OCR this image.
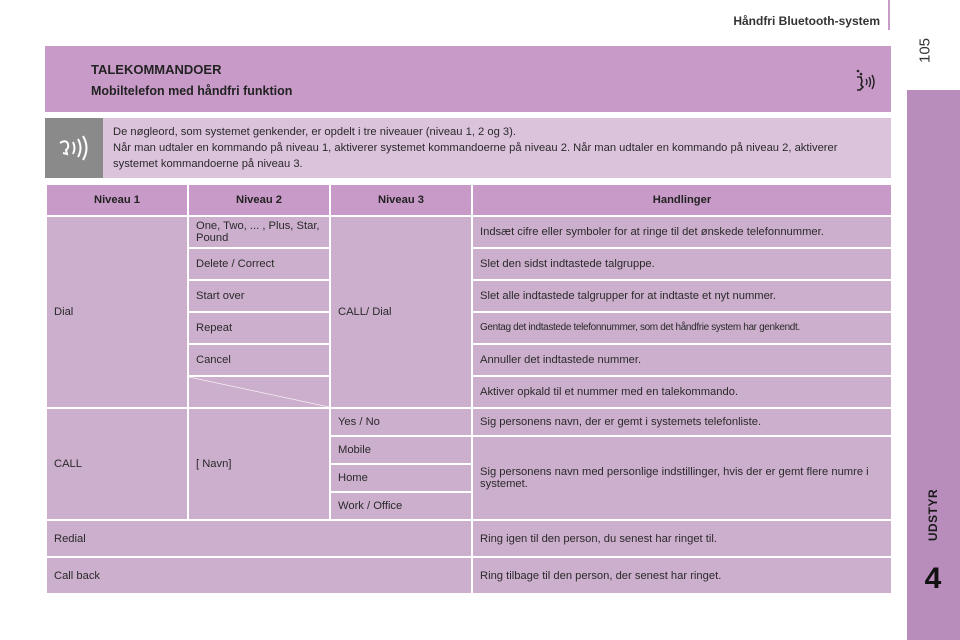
Håndfri Bluetooth-system
105
UDSTYR
4
TALEKOMMANDOER
Mobiltelefon med håndfri funktion

De nøgleord, som systemet genkender, er opdelt i tre niveauer (niveau 1, 2 og 3).

Når man udtaler en kommando på niveau 1, aktiverer systemet kommandoerne på niveau 2. Når man udtaler en kommando på niveau 2, aktiverer systemet kommandoerne på niveau 3.

Niveau 1	Niveau 2	Niveau 3	Handlinger
Dial	One, Two, ... , Plus, Star, Pound	CALL/ Dial	Indsæt cifre eller symboler for at ringe til det ønskede telefonnummer.
	Delete / Correct		Slet den sidst indtastede talgruppe.
	Start over		Slet alle indtastede talgrupper for at indtaste et nyt nummer.
	Repeat		Gentag det indtastede telefonnummer, som det håndfrie system har genkendt.
	Cancel		Annuller det indtastede nummer.
			Aktiver opkald til et nummer med en talekommando.
CALL	[ Navn]	Yes / No	Sig personens navn, der er gemt i systemets telefonliste.
		Mobile	Sig personens navn med personlige indstillinger, hvis der er gemt flere numre i systemet.
		Home	
		Work / Office	
Redial			Ring igen til den person, du senest har ringet til.
Call back			Ring tilbage til den person, der senest har ringet.
